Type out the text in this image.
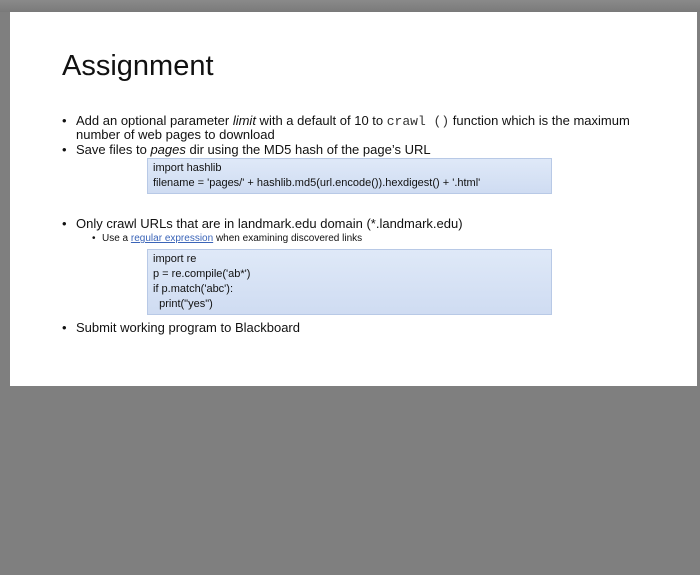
Assignment
• Add an optional parameter limit with a default of 10 to crawl () function which is the maximum
number of web pages to download
• Save files to pages dir using the MD5 hash of the page’s URL
import hashlib
filename = 'pages/' + hashlib.md5(url.encode()).hexdigest() + '.html'
• Only crawl URLs that are in landmark.edu domain (*.landmark.edu)
• Use a regular expression when examining discovered links
import re
p = re.compile('ab*')
if p.match('abc'):
print("yes")
• Submit working program to Blackboard
